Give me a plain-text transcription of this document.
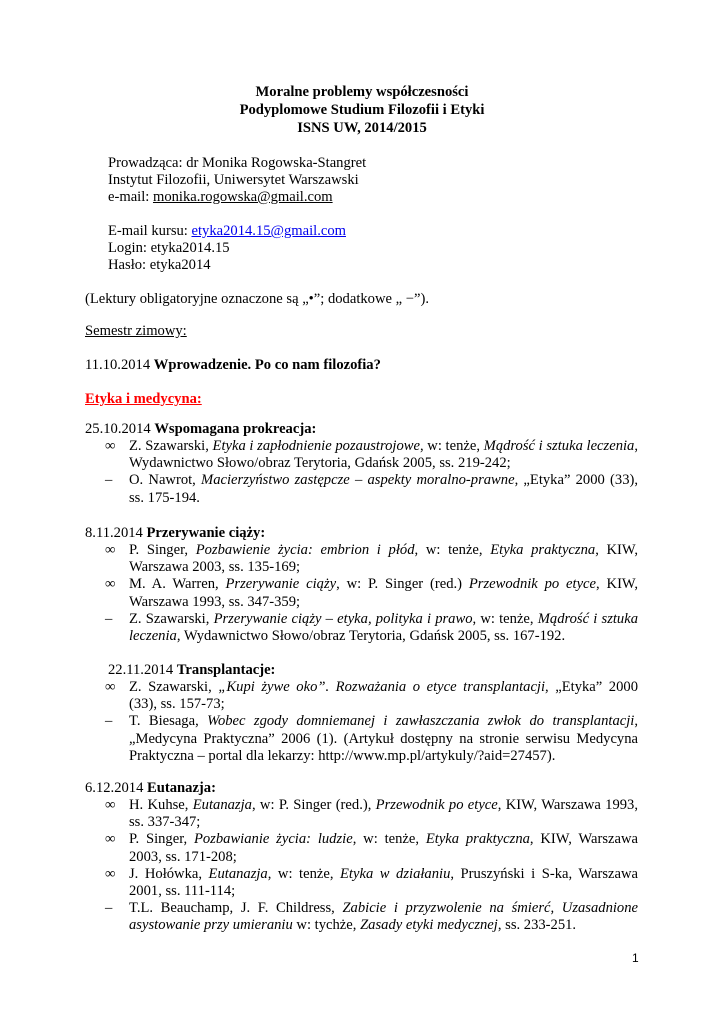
Moralne problemy współczesności
Podyplomowe Studium Filozofii i Etyki
ISNS UW, 2014/2015
Prowadząca: dr Monika Rogowska-Stangret
Instytut Filozofii, Uniwersytet Warszawski
e-mail: monika.rogowska@gmail.com
E-mail kursu: etyka2014.15@gmail.com
Login: etyka2014.15
Hasło: etyka2014
(Lektury obligatoryjne oznaczone są „•”; dodatkowe „ −”).
Semestr zimowy:
11.10.2014 Wprowadzenie. Po co nam filozofia?
Etyka i medycyna:
25.10.2014 Wspomagana prokreacja:
∞ Z. Szawarski, Etyka i zapłodnienie pozaustrojowe, w: tenże, Mądrość i sztuka leczenia, Wydawnictwo Słowo/obraz Terytoria, Gdańsk 2005, ss. 219-242;
–	O. Nawrot, Macierzyństwo zastępcze – aspekty moralno-prawne, „Etyka” 2000 (33), ss. 175-194.
8.11.2014 Przerywanie ciąży:
∞ P. Singer, Pozbawienie życia: embrion i płód, w: tenże, Etyka praktyczna, KIW, Warszawa 2003, ss. 135-169;
∞ M. A. Warren, Przerywanie ciąży, w: P. Singer (red.) Przewodnik po etyce, KIW, Warszawa 1993, ss. 347-359;
–	Z. Szawarski, Przerywanie ciąży – etyka, polityka i prawo, w: tenże, Mądrość i sztuka leczenia, Wydawnictwo Słowo/obraz Terytoria, Gdańsk 2005, ss. 167-192.
22.11.2014 Transplantacje:
∞ Z. Szawarski, „Kupi żywe oko”. Rozważania o etyce transplantacji, „Etyka” 2000 (33), ss. 157-73;
–	T. Biesaga, Wobec zgody domniemanej i zawłaszczania zwłok do transplantacji, „Medycyna Praktyczna” 2006 (1). (Artykuł dostępny na stronie serwisu Medycyna Praktyczna – portal dla lekarzy: http://www.mp.pl/artykuly/?aid=27457).
6.12.2014 Eutanazja:
∞ H. Kuhse, Eutanazja, w: P. Singer (red.), Przewodnik po etyce, KIW, Warszawa 1993, ss. 337-347;
∞ P. Singer, Pozbawianie życia: ludzie, w: tenże, Etyka praktyczna, KIW, Warszawa 2003, ss. 171-208;
∞ J. Hołówka, Eutanazja, w: tenże, Etyka w działaniu, Pruszyński i S-ka, Warszawa 2001, ss. 111-114;
–	T.L. Beauchamp, J. F. Childress, Zabicie i przyzwolenie na śmierć, Uzasadnione asystowanie przy umieraniu w: tychże, Zasady etyki medycznej, ss. 233-251.
1
